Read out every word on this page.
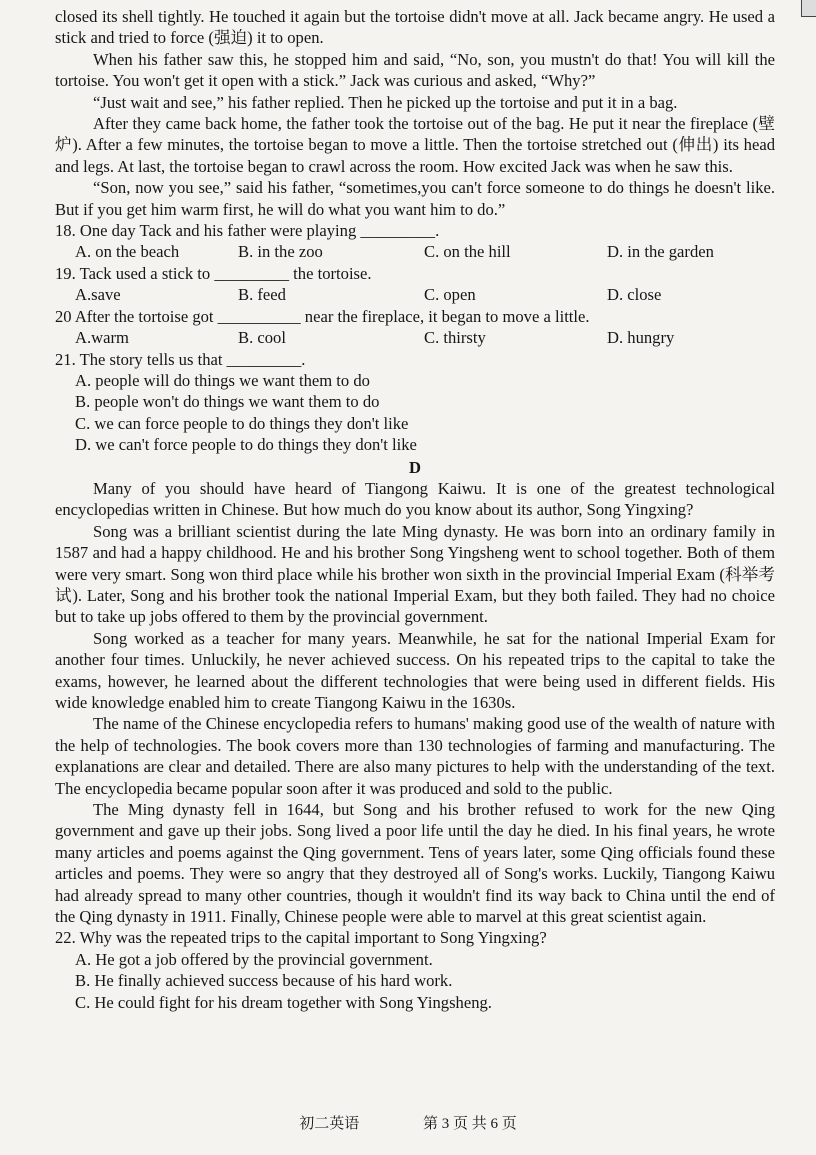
closed its shell tightly. He touched it again but the tortoise didn't move at all. Jack became angry. He used a stick and tried to force (强迫) it to open.

When his father saw this, he stopped him and said, “No, son, you mustn't do that! You will kill the tortoise. You won't get it open with a stick.” Jack was curious and asked, “Why?”

“Just wait and see,” his father replied. Then he picked up the tortoise and put it in a bag.

After they came back home, the father took the tortoise out of the bag. He put it near the fireplace (壁炉). After a few minutes, the tortoise began to move a little. Then the tortoise stretched out (伸出) its head and legs. At last, the tortoise began to crawl across the room. How excited Jack was when he saw this.

“Son, now you see,” said his father, “sometimes,you can't force someone to do things he doesn't like. But if you get him warm first, he will do what you want him to do.”

18. One day Tack and his father were playing _________.

A. on the beach	B. in the zoo	C. on the hill	D. in the garden

19. Tack used a stick to _________ the tortoise.

A.save	B. feed	C. open	D. close

20 After the tortoise got __________ near the fireplace, it began to move a little.

A.warm	B. cool	C. thirsty	D. hungry

21. The story tells us that _________.

A. people will do things we want them to do

B. people won't do things we want them to do

C. we can force people to do things they don't like

D. we can't force people to do things they don't like

D

Many of you should have heard of Tiangong Kaiwu. It is one of the greatest technological encyclopedias written in Chinese. But how much do you know about its author, Song Yingxing?

Song was a brilliant scientist during the late Ming dynasty. He was born into an ordinary family in 1587 and had a happy childhood. He and his brother Song Yingsheng went to school together. Both of them were very smart. Song won third place while his brother won sixth in the provincial Imperial Exam (科举考试). Later, Song and his brother took the national Imperial Exam, but they both failed. They had no choice but to take up jobs offered to them by the provincial government.

Song worked as a teacher for many years. Meanwhile, he sat for the national Imperial Exam for another four times. Unluckily, he never achieved success. On his repeated trips to the capital to take the exams, however, he learned about the different technologies that were being used in different fields. His wide knowledge enabled him to create Tiangong Kaiwu in the 1630s.

The name of the Chinese encyclopedia refers to humans' making good use of the wealth of nature with the help of technologies. The book covers more than 130 technologies of farming and manufacturing. The explanations are clear and detailed. There are also many pictures to help with the understanding of the text. The encyclopedia became popular soon after it was produced and sold to the public.

The Ming dynasty fell in 1644, but Song and his brother refused to work for the new Qing government and gave up their jobs. Song lived a poor life until the day he died. In his final years, he wrote many articles and poems against the Qing government. Tens of years later, some Qing officials found these articles and poems. They were so angry that they destroyed all of Song's works. Luckily, Tiangong Kaiwu had already spread to many other countries, though it wouldn't find its way back to China until the end of the Qing dynasty in 1911. Finally, Chinese people were able to marvel at this great scientist again.

22. Why was the repeated trips to the capital important to Song Yingxing?

A. He got a job offered by the provincial government.

B. He finally achieved success because of his hard work.

C. He could fight for his dream together with Song Yingsheng.

初二英语	第 3 页 共 6 页
